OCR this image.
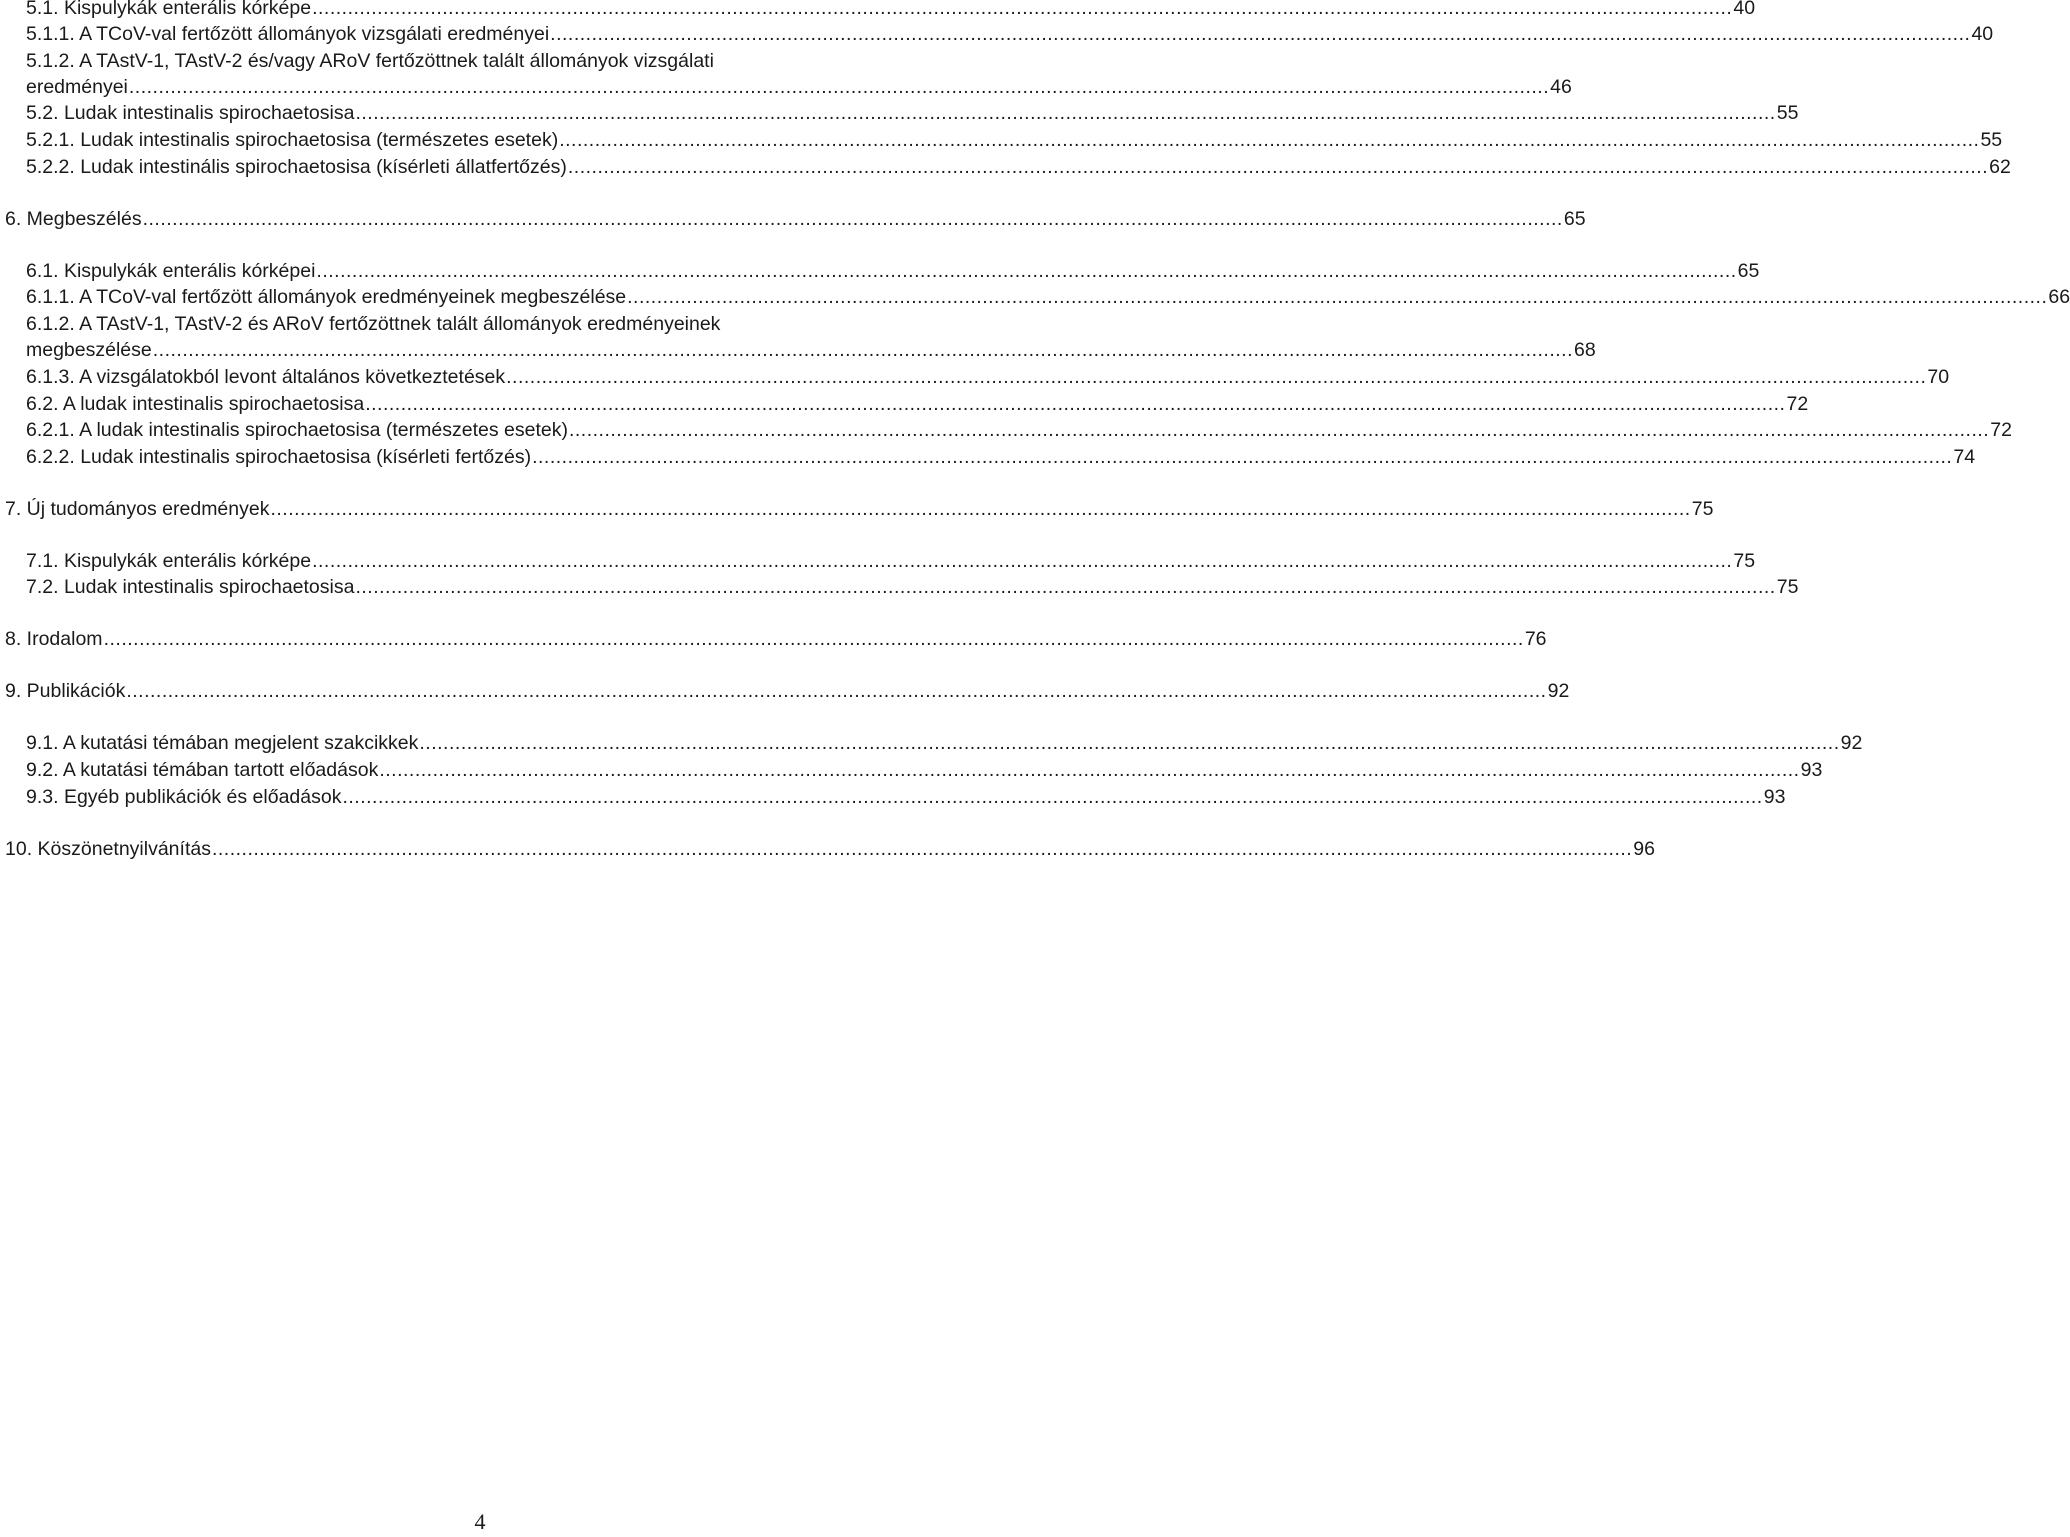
5.1. Kispulykák enterális kórképe ................................................................................................................................................................................................................................................ 40
5.1.1. A TCoV-val fertőzött állományok vizsgálati eredményei ................................................................................................................................................................................................................................................ 40
5.1.2. A TAstV-1, TAstV-2 és/vagy ARoV fertőzöttnek talált állományok vizsgálati
eredményei ................................................................................................................................................................................................................................................ 46
5.2. Ludak intestinalis spirochaetosisa ................................................................................................................................................................................................................................................ 55
5.2.1. Ludak intestinalis spirochaetosisa (természetes esetek) ................................................................................................................................................................................................................................................ 55
5.2.2. Ludak intestinális spirochaetosisa (kísérleti állatfertőzés) ................................................................................................................................................................................................................................................ 62
6. Megbeszélés ................................................................................................................................................................................................................................................ 65
6.1. Kispulykák enterális kórképei ................................................................................................................................................................................................................................................ 65
6.1.1. A TCoV-val fertőzött állományok eredményeinek megbeszélése ................................................................................................................................................................................................................................................ 66
6.1.2. A TAstV-1, TAstV-2 és ARoV fertőzöttnek talált állományok eredményeinek
megbeszélése ................................................................................................................................................................................................................................................ 68
6.1.3. A vizsgálatokból levont általános következtetések ................................................................................................................................................................................................................................................ 70
6.2. A ludak intestinalis spirochaetosisa ................................................................................................................................................................................................................................................ 72
6.2.1. A ludak intestinalis spirochaetosisa (természetes esetek) ................................................................................................................................................................................................................................................ 72
6.2.2. Ludak intestinalis spirochaetosisa (kísérleti fertőzés) ................................................................................................................................................................................................................................................ 74
7. Új tudományos eredmények ................................................................................................................................................................................................................................................ 75
7.1. Kispulykák enterális kórképe ................................................................................................................................................................................................................................................ 75
7.2. Ludak intestinalis spirochaetosisa ................................................................................................................................................................................................................................................ 75
8. Irodalom ................................................................................................................................................................................................................................................ 76
9. Publikációk ................................................................................................................................................................................................................................................ 92
9.1. A kutatási témában megjelent szakcikkek ................................................................................................................................................................................................................................................ 92
9.2. A kutatási témában tartott előadások ................................................................................................................................................................................................................................................ 93
9.3. Egyéb publikációk és előadások ................................................................................................................................................................................................................................................ 93
10. Köszönetnyilvánítás ................................................................................................................................................................................................................................................ 96
4
